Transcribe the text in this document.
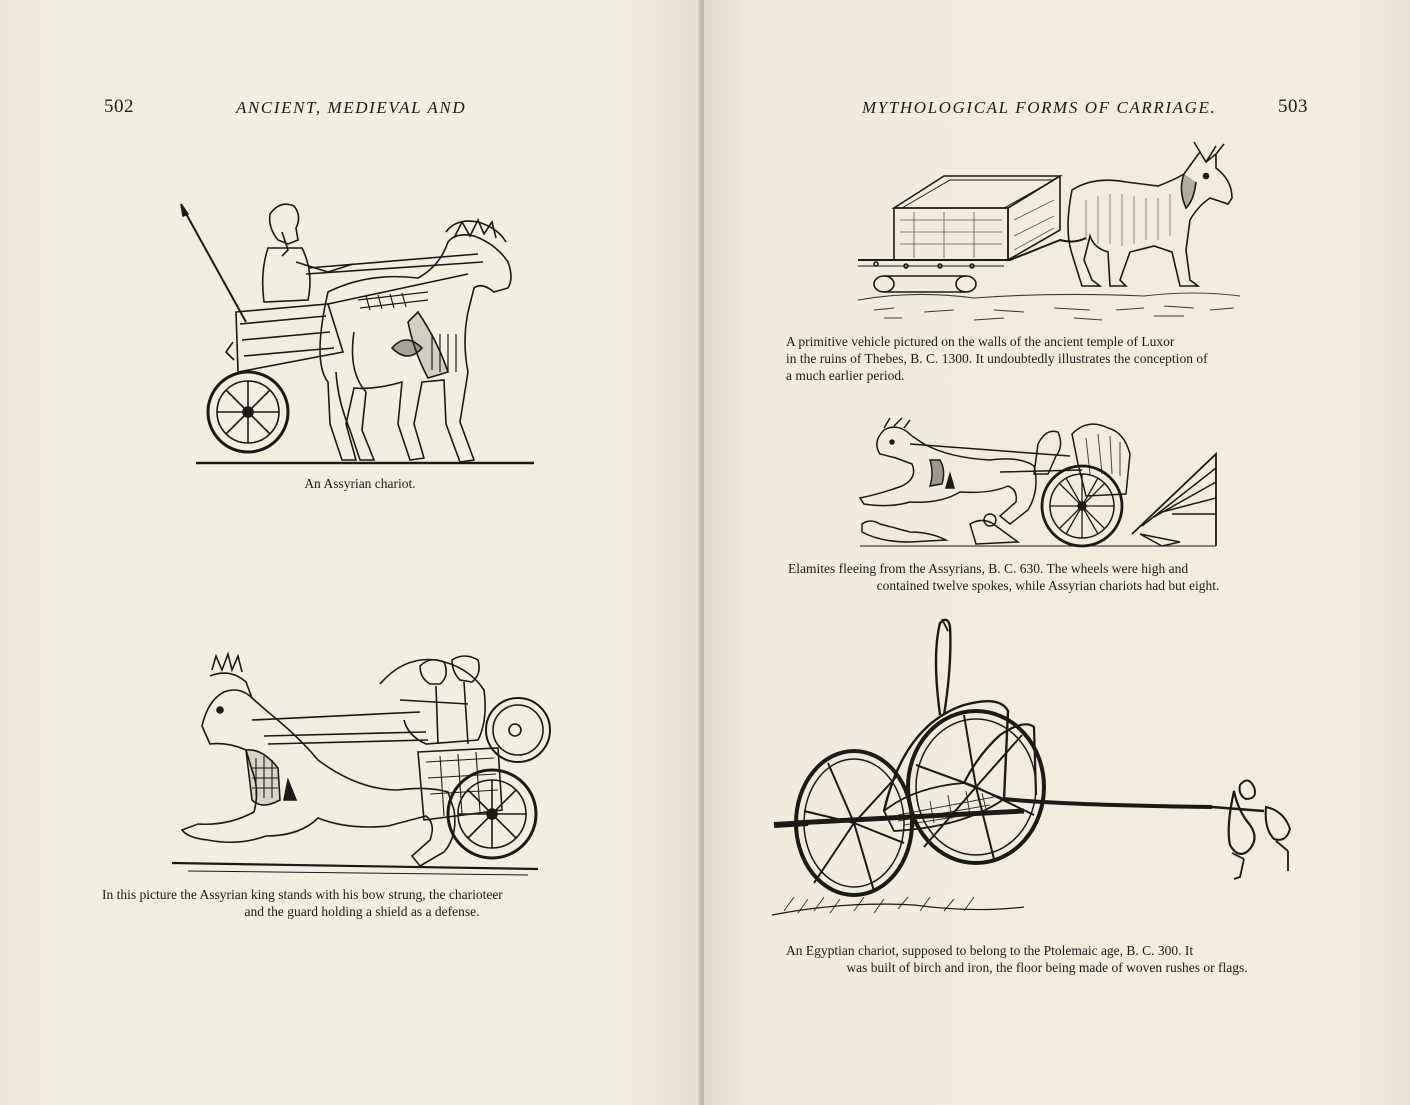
502	ANCIENT, MEDIEVAL AND
An Assyrian chariot.
In this picture the Assyrian king stands with his bow strung, the charioteer
and the guard holding a shield as a defense.
MYTHOLOGICAL FORMS OF CARRIAGE.	503
A primitive vehicle pictured on the walls of the ancient temple of Luxor
in the ruins of Thebes, B. C. 1300. It undoubtedly illustrates the conception of
a much earlier period.
Elamites fleeing from the Assyrians, B. C. 630. The wheels were high and
contained twelve spokes, while Assyrian chariots had but eight.
An Egyptian chariot, supposed to belong to the Ptolemaic age, B. C. 300. It
was built of birch and iron, the floor being made of woven rushes or flags.
